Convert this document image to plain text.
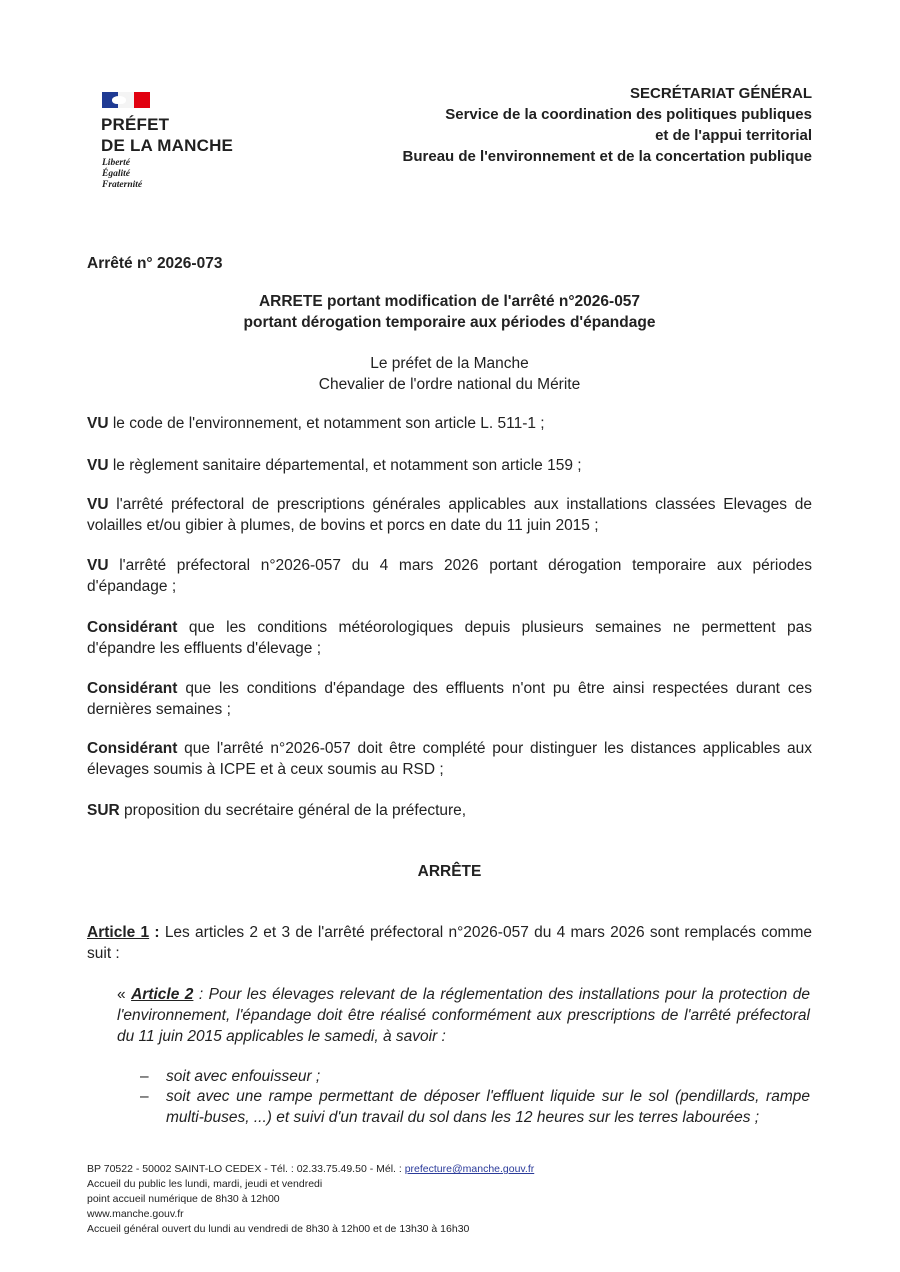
PRÉFET
DE LA MANCHE
Liberté
Égalité
Fraternité
SECRÉTARIAT GÉNÉRAL
Service de la coordination des politiques publiques
et de l'appui territorial
Bureau de l'environnement et de la concertation publique
Arrêté n° 2026-073
ARRETE portant modification de l'arrêté n°2026-057
portant dérogation temporaire aux périodes d'épandage
Le préfet de la Manche
Chevalier de l'ordre national du Mérite
VU le code de l'environnement, et notamment son article L. 511-1 ;
VU le règlement sanitaire départemental, et notamment son article 159 ;
VU l'arrêté préfectoral de prescriptions générales applicables aux installations classées Elevages de volailles et/ou gibier à plumes, de bovins et porcs en date du 11 juin 2015 ;
VU l'arrêté préfectoral n°2026-057 du 4 mars 2026 portant dérogation temporaire aux périodes d'épandage ;
Considérant que les conditions météorologiques depuis plusieurs semaines ne permettent pas d'épandre les effluents d'élevage ;
Considérant que les conditions d'épandage des effluents n'ont pu être ainsi respectées durant ces dernières semaines ;
Considérant que l'arrêté n°2026-057 doit être complété pour distinguer les distances applicables aux élevages soumis à ICPE et à ceux soumis au RSD ;
SUR proposition du secrétaire général de la préfecture,
ARRÊTE
Article 1 : Les articles 2 et 3 de l'arrêté préfectoral n°2026-057 du 4 mars 2026 sont remplacés comme suit :
« Article 2 : Pour les élevages relevant de la réglementation des installations pour la protection de l'environnement, l'épandage doit être réalisé conformément aux prescriptions de l'arrêté préfectoral du 11 juin 2015 applicables le samedi, à savoir :
–	soit avec enfouisseur ;
–	soit avec une rampe permettant de déposer l'effluent liquide sur le sol (pendillards, rampe multi-buses, ...) et suivi d'un travail du sol dans les 12 heures sur les terres labourées ;
BP 70522 - 50002 SAINT-LO CEDEX - Tél. : 02.33.75.49.50 - Mél. : prefecture@manche.gouv.fr
Accueil du public les lundi, mardi, jeudi et vendredi
point accueil numérique de 8h30 à 12h00
www.manche.gouv.fr
Accueil général ouvert du lundi au vendredi de 8h30 à 12h00 et de 13h30 à 16h30
